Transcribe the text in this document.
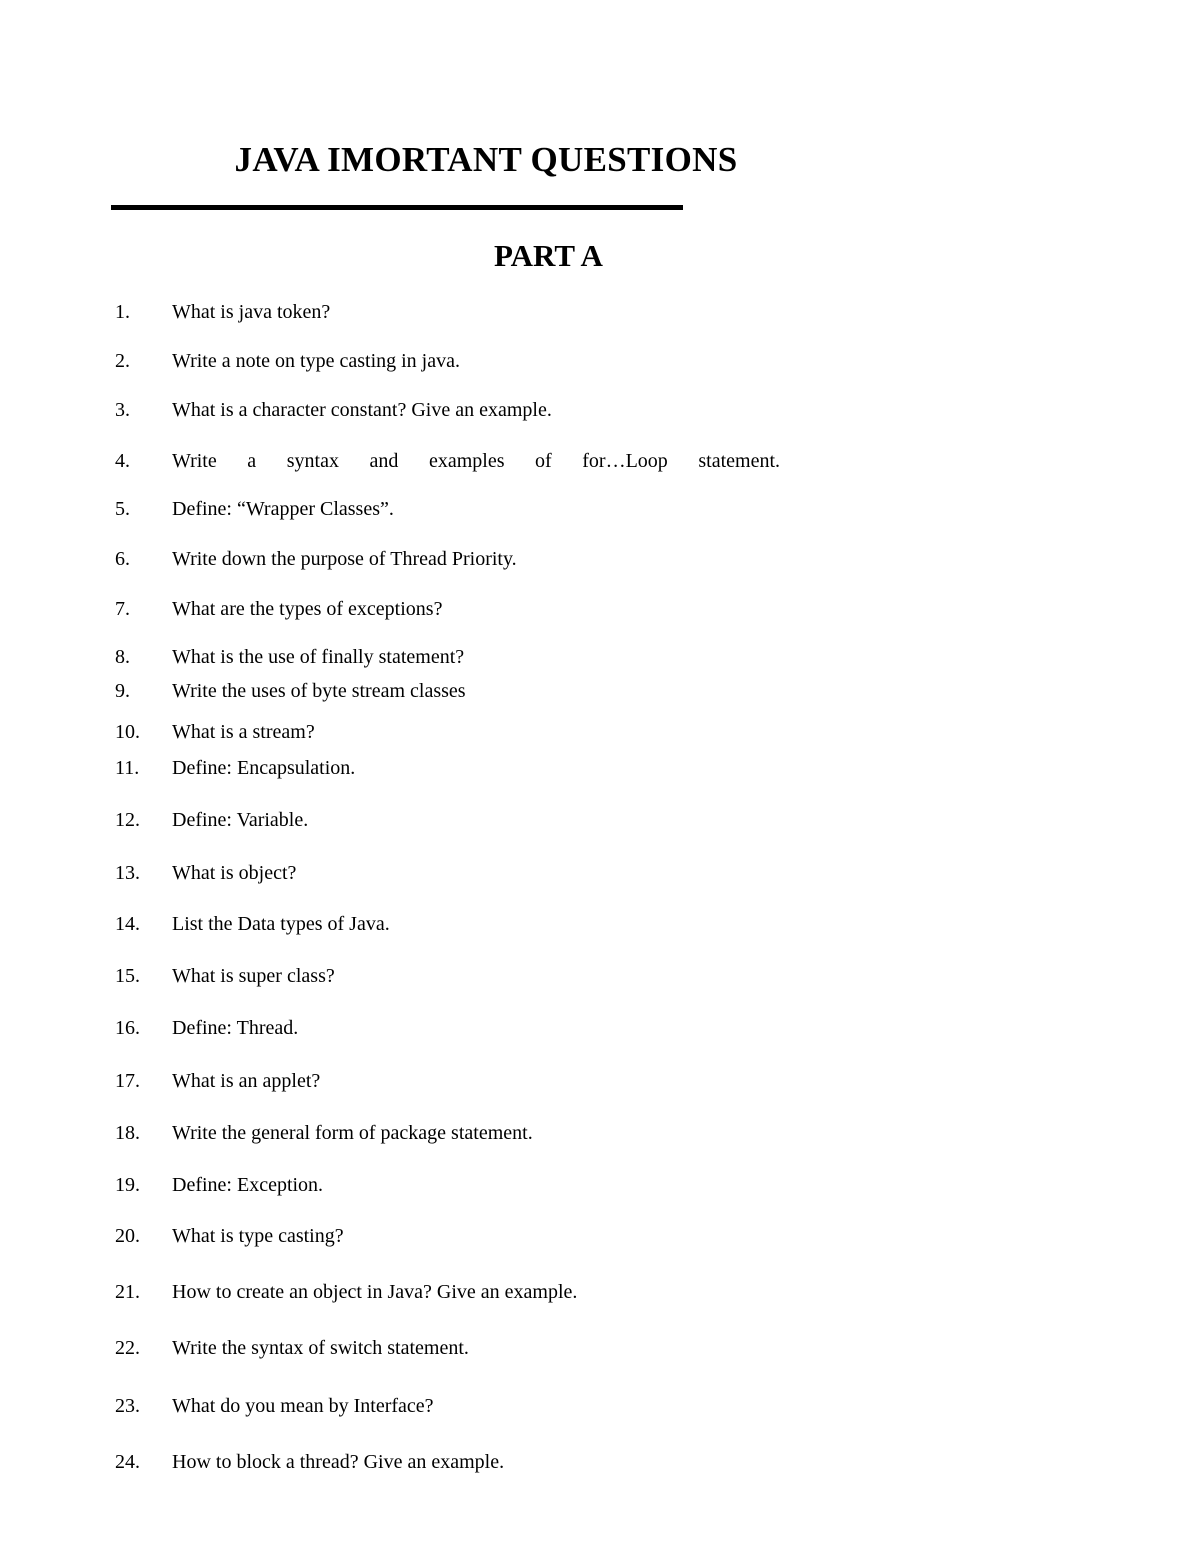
JAVA IMORTANT QUESTIONS
PART A
1. What is java token?
2. Write a note on type casting in java.
3. What is a character constant? Give an example.
4. Write a syntax and examples of for…Loop statement.
5. Define: “Wrapper Classes”.
6. Write down the purpose of Thread Priority.
7. What are the types of exceptions?
8. What is the use of finally statement?
9. Write the uses of byte stream classes
10. What is a stream?
11. Define: Encapsulation.
12. Define: Variable.
13. What is object?
14. List the Data types of Java.
15. What is super class?
16. Define: Thread.
17. What is an applet?
18. Write the general form of package statement.
19. Define: Exception.
20. What is type casting?
21. How to create an object in Java? Give an example.
22. Write the syntax of switch statement.
23. What do you mean by Interface?
24. How to block a thread? Give an example.
